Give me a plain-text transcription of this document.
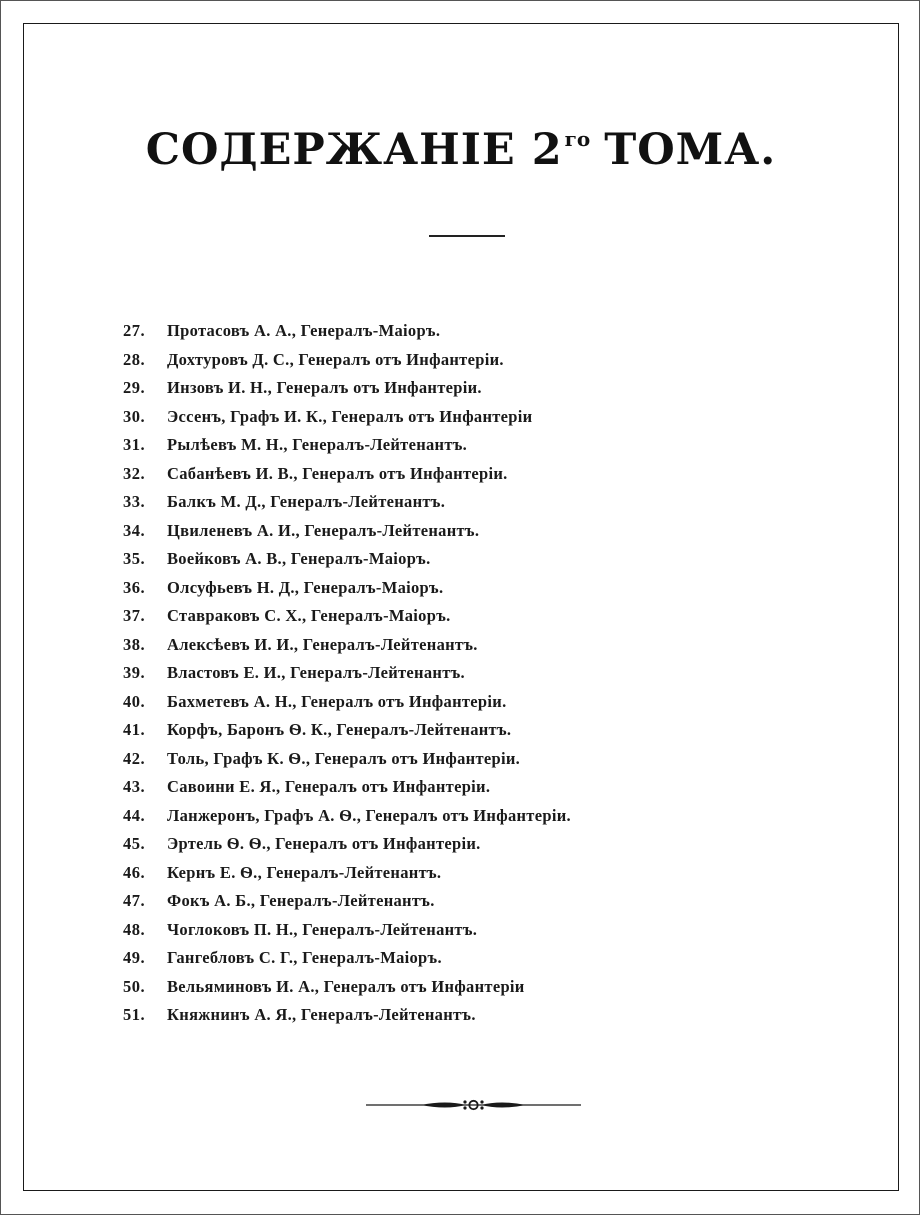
СОДЕРЖАНІЕ 2 $^{го}$ ТОМА.
27.	Протасовъ А. А., Генералъ-Маіоръ.
28.	Дохтуровъ Д. С., Генералъ отъ Инфантеріи.
29.	Инзовъ И. Н., Генералъ отъ Инфантеріи.
30.	Эссенъ, Графъ И. К., Генералъ отъ Инфантеріи
31.	Рылѣевъ М. Н., Генералъ-Лейтенантъ.
32.	Сабанѣевъ И. В., Генералъ отъ Инфантеріи.
33.	Балкъ М. Д., Генералъ-Лейтенантъ.
34.	Цвиленевъ А. И., Генералъ-Лейтенантъ.
35.	Воейковъ А. В., Генералъ-Маіоръ.
36.	Олсуфьевъ Н. Д., Генералъ-Маіоръ.
37.	Ставраковъ С. Х., Генералъ-Маіоръ.
38.	Алексѣевъ И. И., Генералъ-Лейтенантъ.
39.	Властовъ Е. И., Генералъ-Лейтенантъ.
40.	Бахметевъ А. Н., Генералъ отъ Инфантеріи.
41.	Корфъ, Баронъ Ѳ. К., Генералъ-Лейтенантъ.
42.	Толь, Графъ К. Ѳ., Генералъ отъ Инфантеріи.
43.	Савоини Е. Я., Генералъ отъ Инфантеріи.
44.	Ланжеронъ, Графъ А. Ѳ., Генералъ отъ Инфантеріи.
45.	Эртель Ѳ. Ѳ., Генералъ отъ Инфантеріи.
46.	Кернъ Е. Ѳ., Генералъ-Лейтенантъ.
47.	Фокъ А. Б., Генералъ-Лейтенантъ.
48.	Чоглоковъ П. Н., Генералъ-Лейтенантъ.
49.	Гангебловъ С. Г., Генералъ-Маіоръ.
50.	Вельяминовъ И. А., Генералъ отъ Инфантеріи
51.	Княжнинъ А. Я., Генералъ-Лейтенантъ.
